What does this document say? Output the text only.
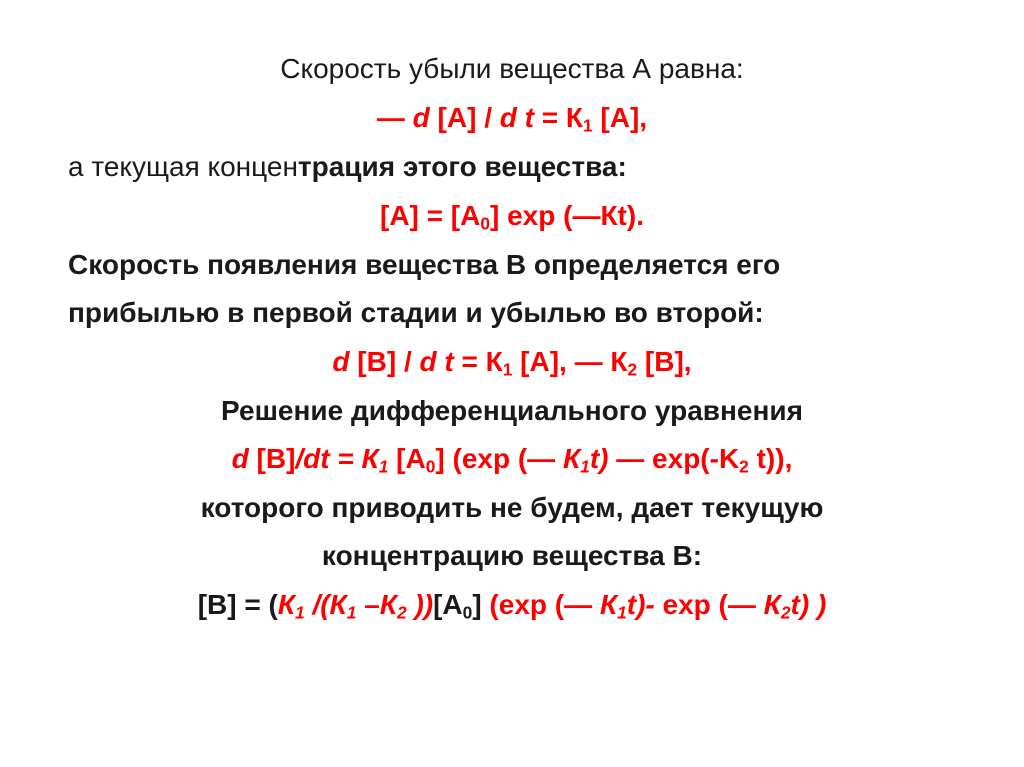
Скорость убыли вещества А равна:
— d [А] / d $t = К_1$ [А],
а текущая концентрация этого вещества:
$[А] = [А_0]$ exp (—Кt).
Скорость появления вещества В определяется его
прибылью в первой стадии и убылью во второй:
d [В] / d $t = К_1$ [А], — $К_2$ [В],
Решение дифференциального уравнения
d $[В]/dt = К_1$ $[А_0]$ (exp (— $К_1t$) — $\exp(-K_2$ t)),
которого приводить не будем, дает текущую
концентрацию вещества В:
$[В] = (К_1$ $/(К_1$ $-К_2$ ))$[А_0]$ (exp (— $К_1t)-$ exp (— $К_2t$) )
